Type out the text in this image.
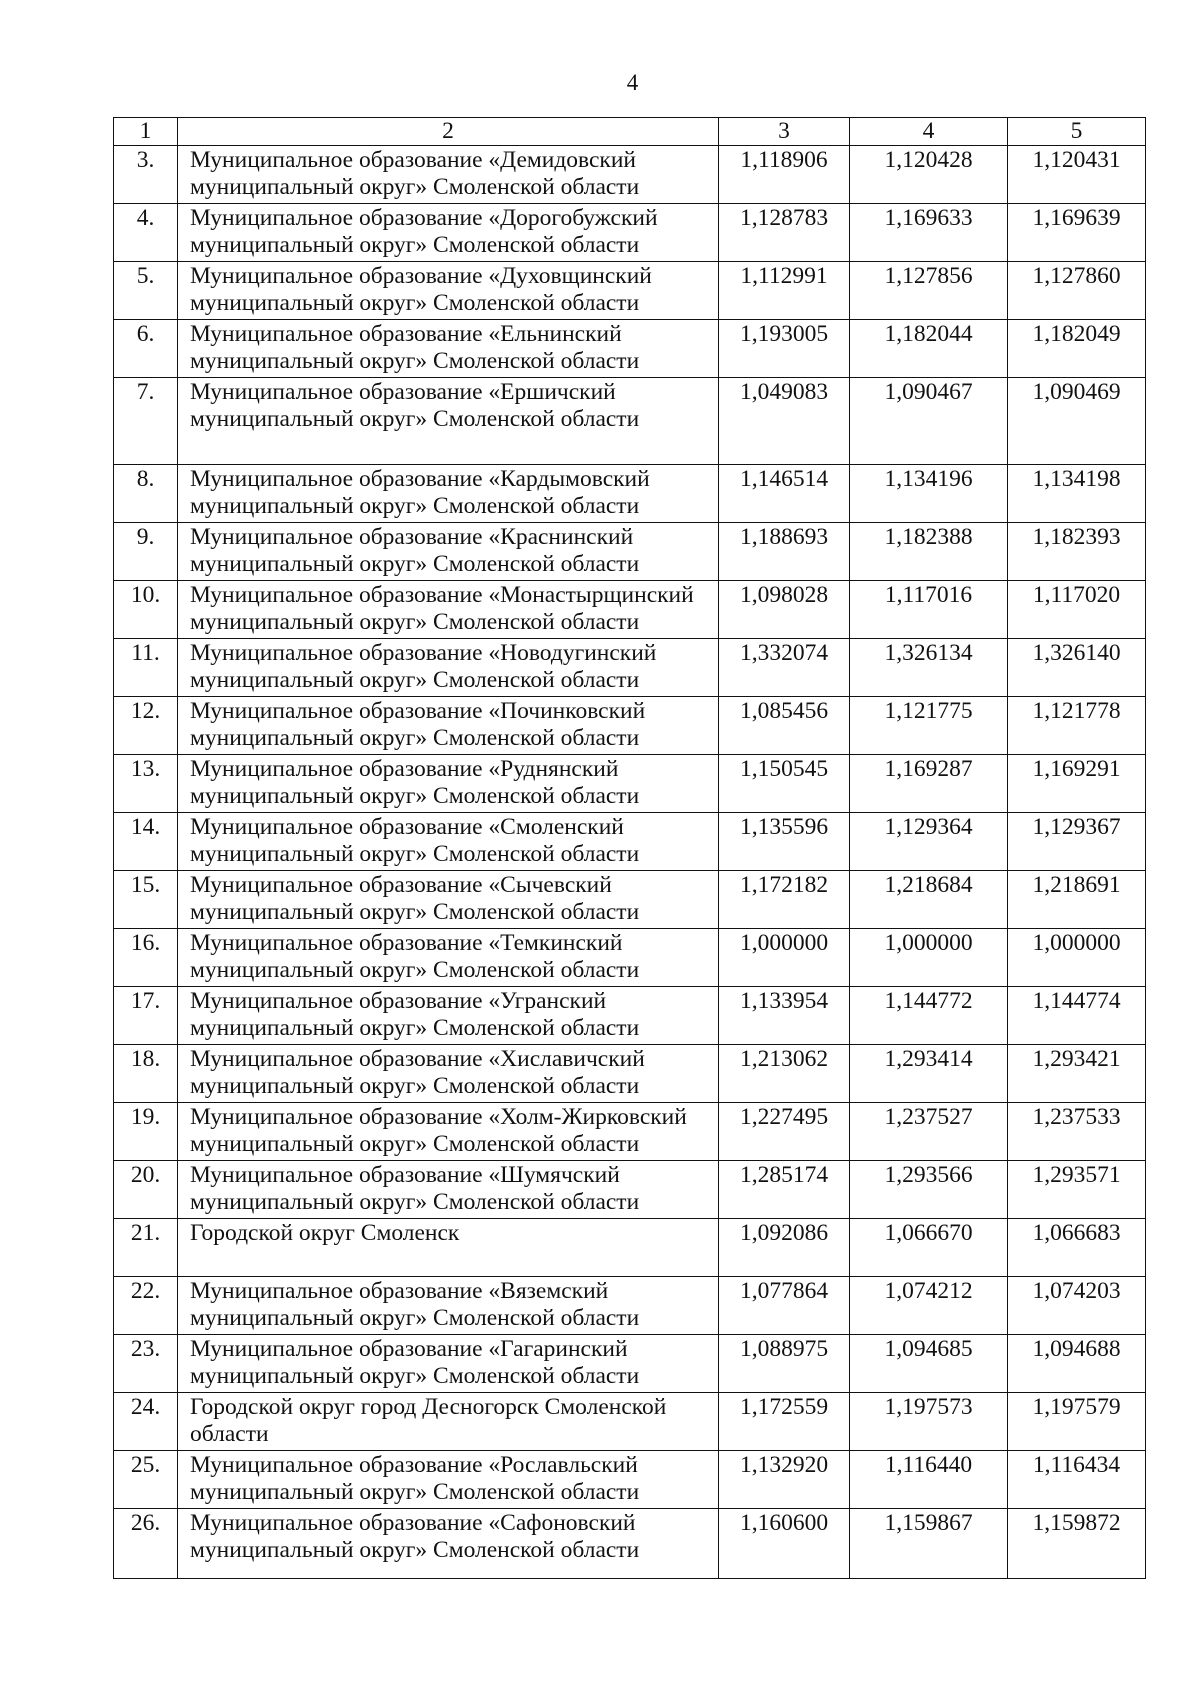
4
1	2	3	4	5
3.	Муниципальное образование «Демидовский муниципальный округ» Смоленской области	1,118906	1,120428	1,120431
4.	Муниципальное образование «Дорогобужский муниципальный округ» Смоленской области	1,128783	1,169633	1,169639
5.	Муниципальное образование «Духовщинский муниципальный округ» Смоленской области	1,112991	1,127856	1,127860
6.	Муниципальное образование «Ельнинский муниципальный округ» Смоленской области	1,193005	1,182044	1,182049
7.	Муниципальное образование «Ершичский муниципальный округ» Смоленской области	1,049083	1,090467	1,090469
8.	Муниципальное образование «Кардымовский муниципальный округ» Смоленской области	1,146514	1,134196	1,134198
9.	Муниципальное образование «Краснинский муниципальный округ» Смоленской области	1,188693	1,182388	1,182393
10.	Муниципальное образование «Монастырщинский муниципальный округ» Смоленской области	1,098028	1,117016	1,117020
11.	Муниципальное образование «Новодугинский муниципальный округ» Смоленской области	1,332074	1,326134	1,326140
12.	Муниципальное образование «Починковский муниципальный округ» Смоленской области	1,085456	1,121775	1,121778
13.	Муниципальное образование «Руднянский муниципальный округ» Смоленской области	1,150545	1,169287	1,169291
14.	Муниципальное образование «Смоленский муниципальный округ» Смоленской области	1,135596	1,129364	1,129367
15.	Муниципальное образование «Сычевский муниципальный округ» Смоленской области	1,172182	1,218684	1,218691
16.	Муниципальное образование «Темкинский муниципальный округ» Смоленской области	1,000000	1,000000	1,000000
17.	Муниципальное образование «Угранский муниципальный округ» Смоленской области	1,133954	1,144772	1,144774
18.	Муниципальное образование «Хиславичский муниципальный округ» Смоленской области	1,213062	1,293414	1,293421
19.	Муниципальное образование «Холм-Жирковский муниципальный округ» Смоленской области	1,227495	1,237527	1,237533
20.	Муниципальное образование «Шумячский муниципальный округ» Смоленской области	1,285174	1,293566	1,293571
21.	Городской округ Смоленск	1,092086	1,066670	1,066683
22.	Муниципальное образование «Вяземский муниципальный округ» Смоленской области	1,077864	1,074212	1,074203
23.	Муниципальное образование «Гагаринский муниципальный округ» Смоленской области	1,088975	1,094685	1,094688
24.	Городской округ город Десногорск Смоленской области	1,172559	1,197573	1,197579
25.	Муниципальное образование «Рославльский муниципальный округ» Смоленской области	1,132920	1,116440	1,116434
26.	Муниципальное образование «Сафоновский муниципальный округ» Смоленской области	1,160600	1,159867	1,159872
